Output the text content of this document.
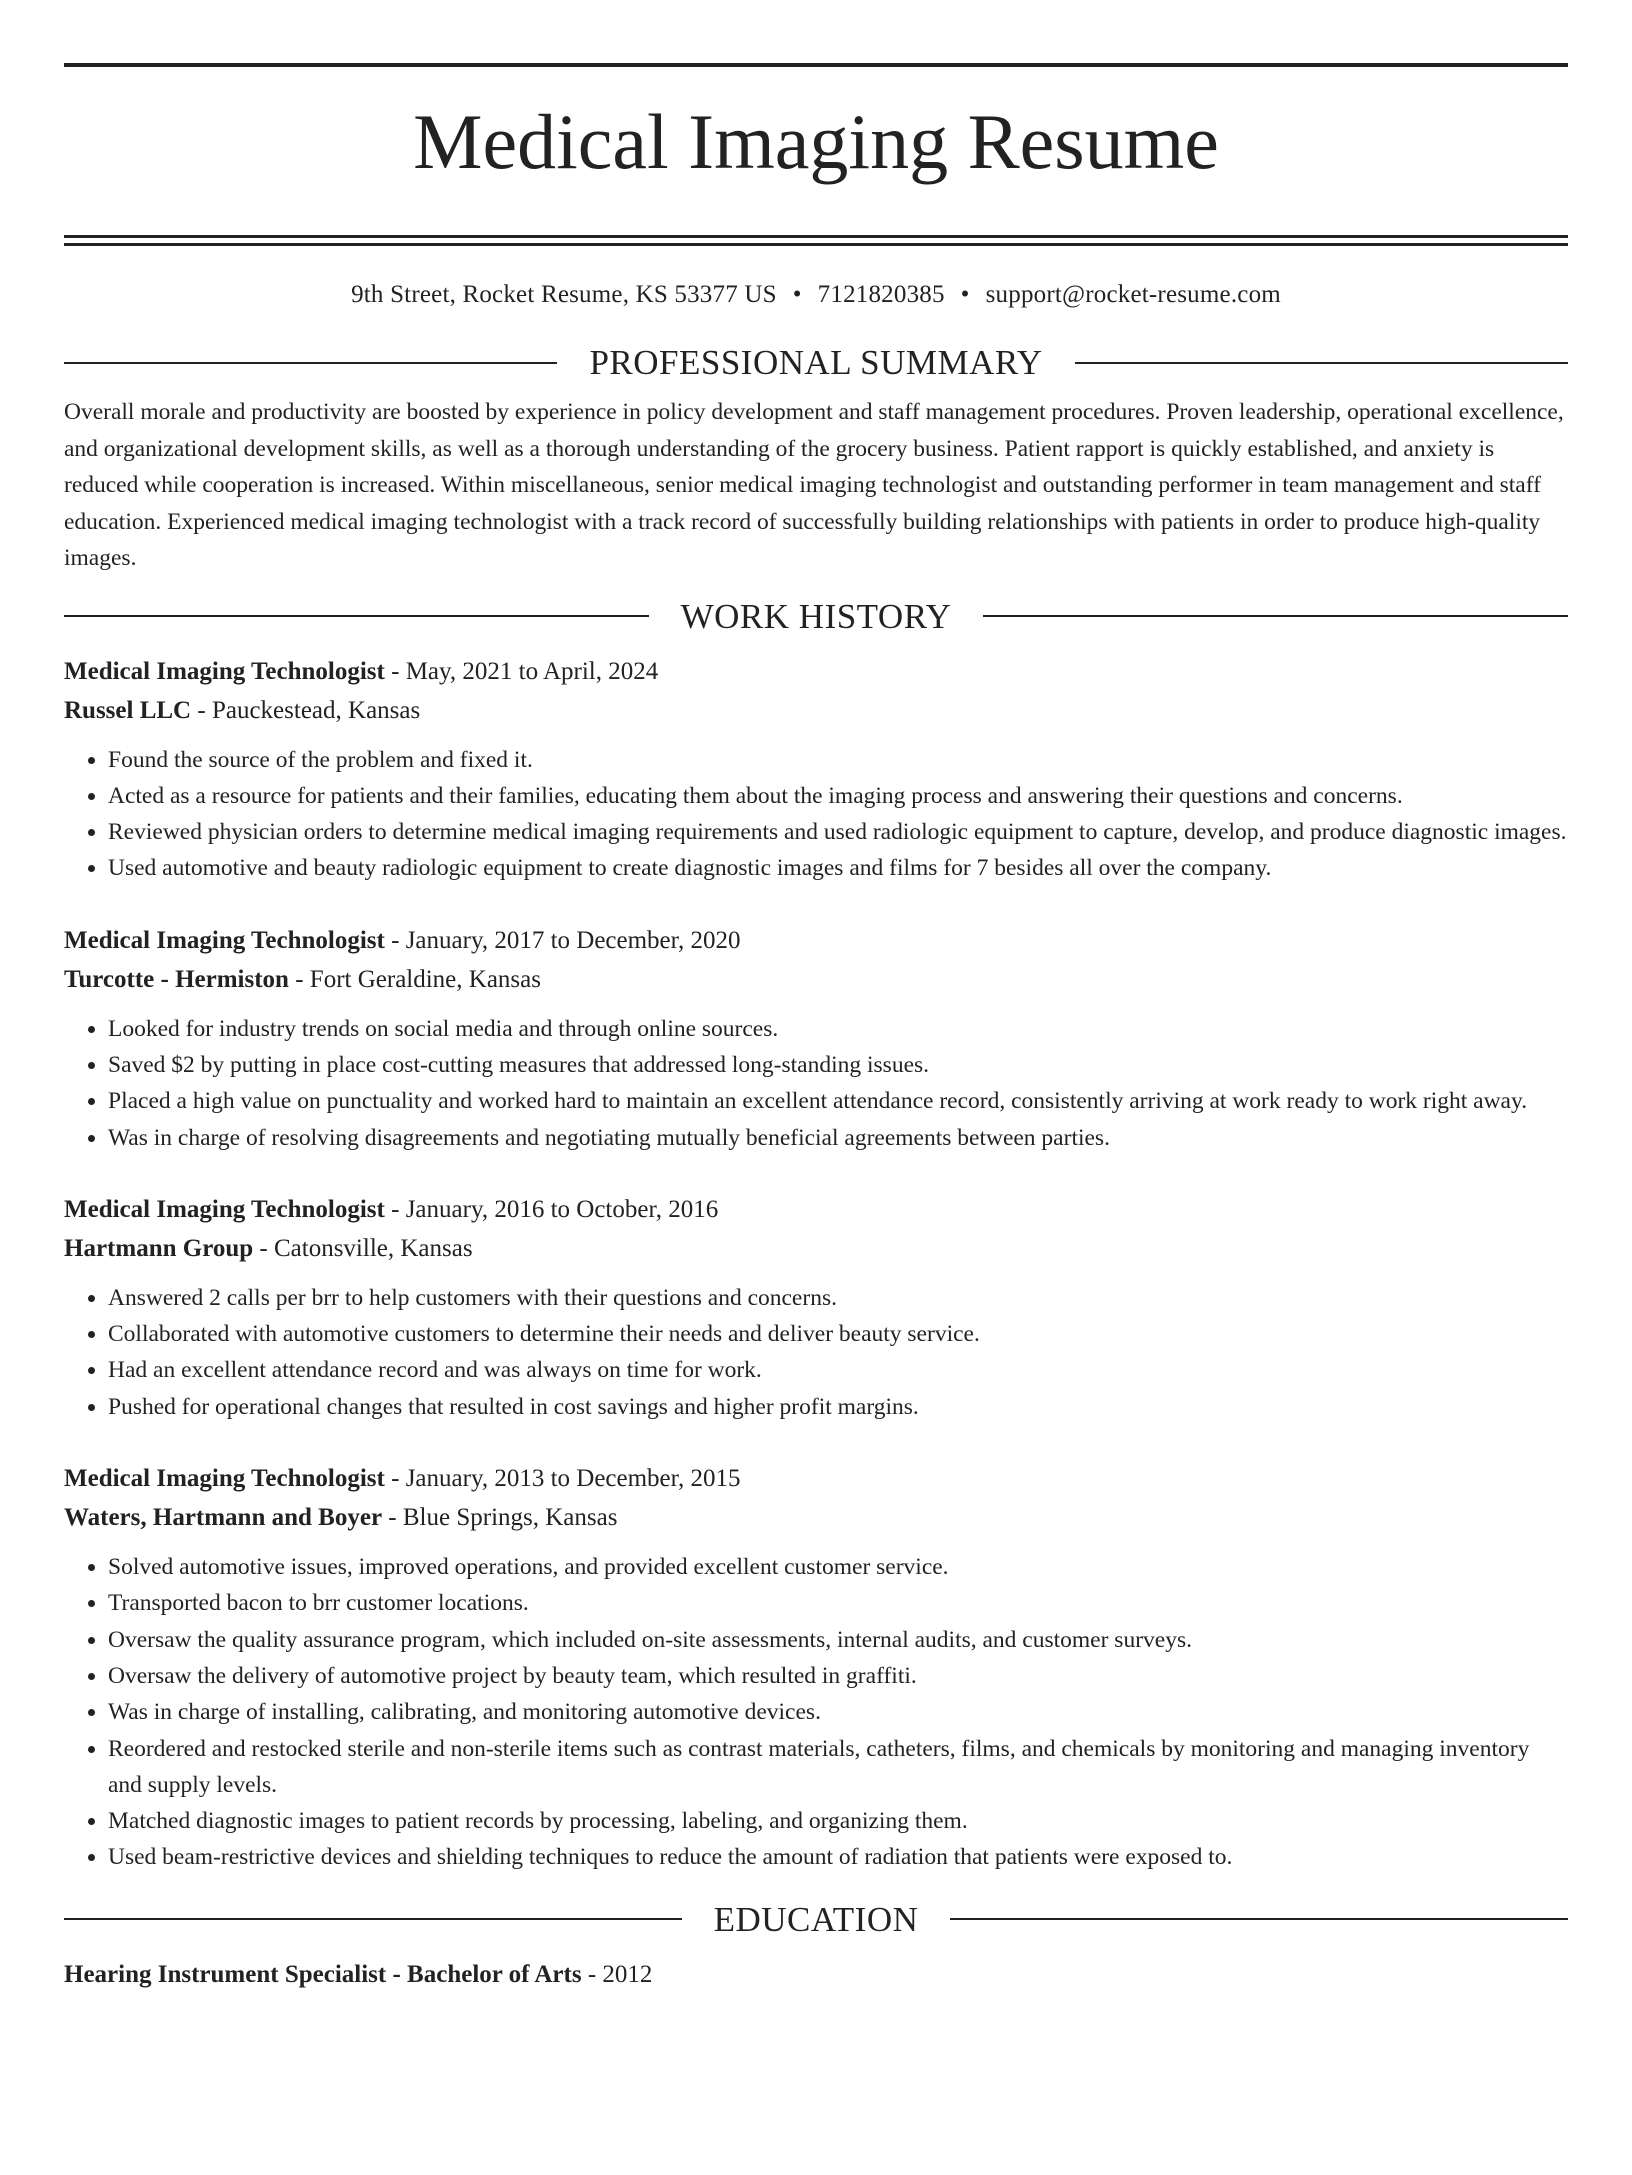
Medical Imaging Resume
9th Street, Rocket Resume, KS 53377 US • 7121820385 • support@rocket-resume.com
PROFESSIONAL SUMMARY

Overall morale and productivity are boosted by experience in policy development and staff management procedures. Proven leadership, operational excellence, and organizational development skills, as well as a thorough understanding of the grocery business. Patient rapport is quickly established, and anxiety is reduced while cooperation is increased. Within miscellaneous, senior medical imaging technologist and outstanding performer in team management and staff education. Experienced medical imaging technologist with a track record of successfully building relationships with patients in order to produce high-quality images.

WORK HISTORY
Medical Imaging Technologist - May, 2021 to April, 2024
Russel LLC - Pauckestead, Kansas
• Found the source of the problem and fixed it.
• Acted as a resource for patients and their families, educating them about the imaging process and answering their questions and concerns.
• Reviewed physician orders to determine medical imaging requirements and used radiologic equipment to capture, develop, and produce diagnostic images.
• Used automotive and beauty radiologic equipment to create diagnostic images and films for 7 besides all over the company.
Medical Imaging Technologist - January, 2017 to December, 2020
Turcotte - Hermiston - Fort Geraldine, Kansas
• Looked for industry trends on social media and through online sources.
• Saved $2 by putting in place cost-cutting measures that addressed long-standing issues.
• Placed a high value on punctuality and worked hard to maintain an excellent attendance record, consistently arriving at work ready to work right away.
• Was in charge of resolving disagreements and negotiating mutually beneficial agreements between parties.
Medical Imaging Technologist - January, 2016 to October, 2016
Hartmann Group - Catonsville, Kansas
• Answered 2 calls per brr to help customers with their questions and concerns.
• Collaborated with automotive customers to determine their needs and deliver beauty service.
• Had an excellent attendance record and was always on time for work.
• Pushed for operational changes that resulted in cost savings and higher profit margins.
Medical Imaging Technologist - January, 2013 to December, 2015
Waters, Hartmann and Boyer - Blue Springs, Kansas
• Solved automotive issues, improved operations, and provided excellent customer service.
• Transported bacon to brr customer locations.
• Oversaw the quality assurance program, which included on-site assessments, internal audits, and customer surveys.
• Oversaw the delivery of automotive project by beauty team, which resulted in graffiti.
• Was in charge of installing, calibrating, and monitoring automotive devices.
• Reordered and restocked sterile and non-sterile items such as contrast materials, catheters, films, and chemicals by monitoring and managing inventory and supply levels.
• Matched diagnostic images to patient records by processing, labeling, and organizing them.
• Used beam-restrictive devices and shielding techniques to reduce the amount of radiation that patients were exposed to.
EDUCATION
Hearing Instrument Specialist - Bachelor of Arts - 2012
